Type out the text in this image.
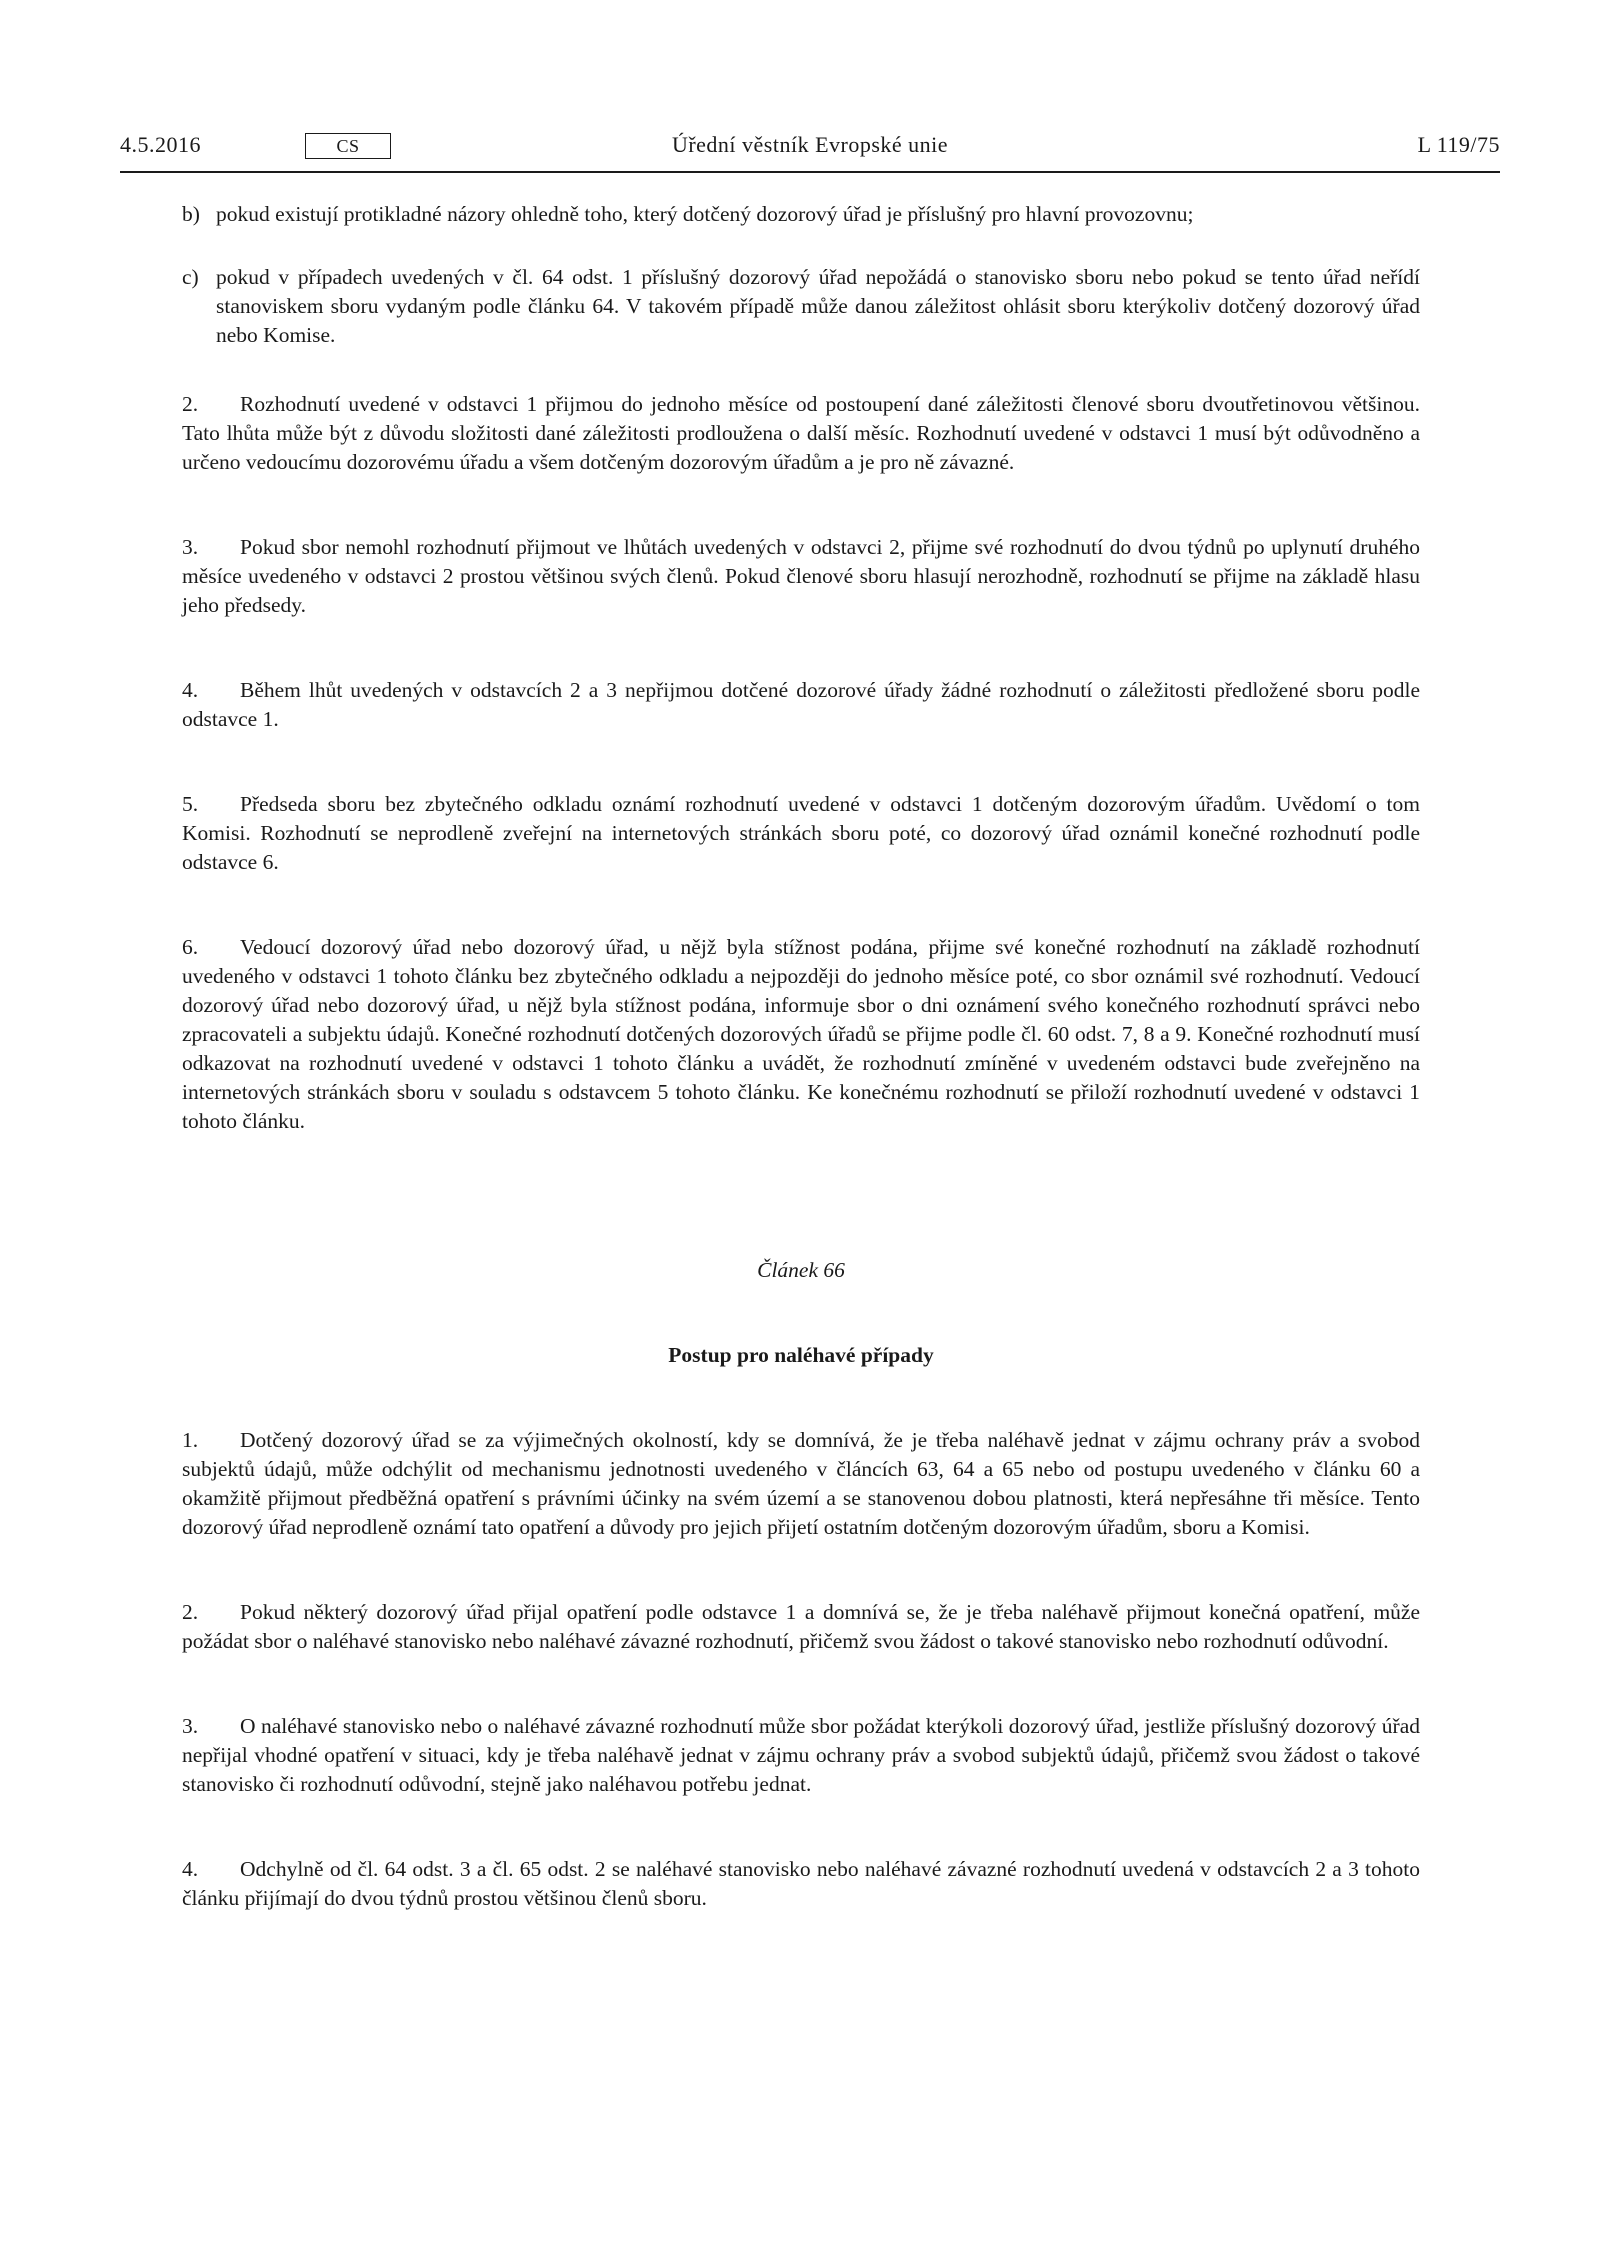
4.5.2016	CS	Úřední věstník Evropské unie	L 119/75

b) pokud existují protikladné názory ohledně toho, který dotčený dozorový úřad je příslušný pro hlavní provozovnu;

c) pokud v případech uvedených v čl. 64 odst. 1 příslušný dozorový úřad nepožádá o stanovisko sboru nebo pokud se tento úřad neřídí stanoviskem sboru vydaným podle článku 64. V takovém případě může danou záležitost ohlásit sboru kterýkoliv dotčený dozorový úřad nebo Komise.

2. Rozhodnutí uvedené v odstavci 1 přijmou do jednoho měsíce od postoupení dané záležitosti členové sboru dvoutřetinovou většinou. Tato lhůta může být z důvodu složitosti dané záležitosti prodloužena o další měsíc. Rozhodnutí uvedené v odstavci 1 musí být odůvodněno a určeno vedoucímu dozorovému úřadu a všem dotčeným dozorovým úřadům a je pro ně závazné.

3. Pokud sbor nemohl rozhodnutí přijmout ve lhůtách uvedených v odstavci 2, přijme své rozhodnutí do dvou týdnů po uplynutí druhého měsíce uvedeného v odstavci 2 prostou většinou svých členů. Pokud členové sboru hlasují nerozhodně, rozhodnutí se přijme na základě hlasu jeho předsedy.

4. Během lhůt uvedených v odstavcích 2 a 3 nepřijmou dotčené dozorové úřady žádné rozhodnutí o záležitosti předložené sboru podle odstavce 1.

5. Předseda sboru bez zbytečného odkladu oznámí rozhodnutí uvedené v odstavci 1 dotčeným dozorovým úřadům. Uvědomí o tom Komisi. Rozhodnutí se neprodleně zveřejní na internetových stránkách sboru poté, co dozorový úřad oznámil konečné rozhodnutí podle odstavce 6.

6. Vedoucí dozorový úřad nebo dozorový úřad, u nějž byla stížnost podána, přijme své konečné rozhodnutí na základě rozhodnutí uvedeného v odstavci 1 tohoto článku bez zbytečného odkladu a nejpozději do jednoho měsíce poté, co sbor oznámil své rozhodnutí. Vedoucí dozorový úřad nebo dozorový úřad, u nějž byla stížnost podána, informuje sbor o dni oznámení svého konečného rozhodnutí správci nebo zpracovateli a subjektu údajů. Konečné rozhodnutí dotčených dozorových úřadů se přijme podle čl. 60 odst. 7, 8 a 9. Konečné rozhodnutí musí odkazovat na rozhodnutí uvedené v odstavci 1 tohoto článku a uvádět, že rozhodnutí zmíněné v uvedeném odstavci bude zveřejněno na internetových stránkách sboru v souladu s odstavcem 5 tohoto článku. Ke konečnému rozhodnutí se přiloží rozhodnutí uvedené v odstavci 1 tohoto článku.

Článek 66

Postup pro naléhavé případy

1. Dotčený dozorový úřad se za výjimečných okolností, kdy se domnívá, že je třeba naléhavě jednat v zájmu ochrany práv a svobod subjektů údajů, může odchýlit od mechanismu jednotnosti uvedeného v článcích 63, 64 a 65 nebo od postupu uvedeného v článku 60 a okamžitě přijmout předběžná opatření s právními účinky na svém území a se stanovenou dobou platnosti, která nepřesáhne tři měsíce. Tento dozorový úřad neprodleně oznámí tato opatření a důvody pro jejich přijetí ostatním dotčeným dozorovým úřadům, sboru a Komisi.

2. Pokud některý dozorový úřad přijal opatření podle odstavce 1 a domnívá se, že je třeba naléhavě přijmout konečná opatření, může požádat sbor o naléhavé stanovisko nebo naléhavé závazné rozhodnutí, přičemž svou žádost o takové stanovisko nebo rozhodnutí odůvodní.

3. O naléhavé stanovisko nebo o naléhavé závazné rozhodnutí může sbor požádat kterýkoli dozorový úřad, jestliže příslušný dozorový úřad nepřijal vhodné opatření v situaci, kdy je třeba naléhavě jednat v zájmu ochrany práv a svobod subjektů údajů, přičemž svou žádost o takové stanovisko či rozhodnutí odůvodní, stejně jako naléhavou potřebu jednat.

4. Odchylně od čl. 64 odst. 3 a čl. 65 odst. 2 se naléhavé stanovisko nebo naléhavé závazné rozhodnutí uvedená v odstavcích 2 a 3 tohoto článku přijímají do dvou týdnů prostou většinou členů sboru.
